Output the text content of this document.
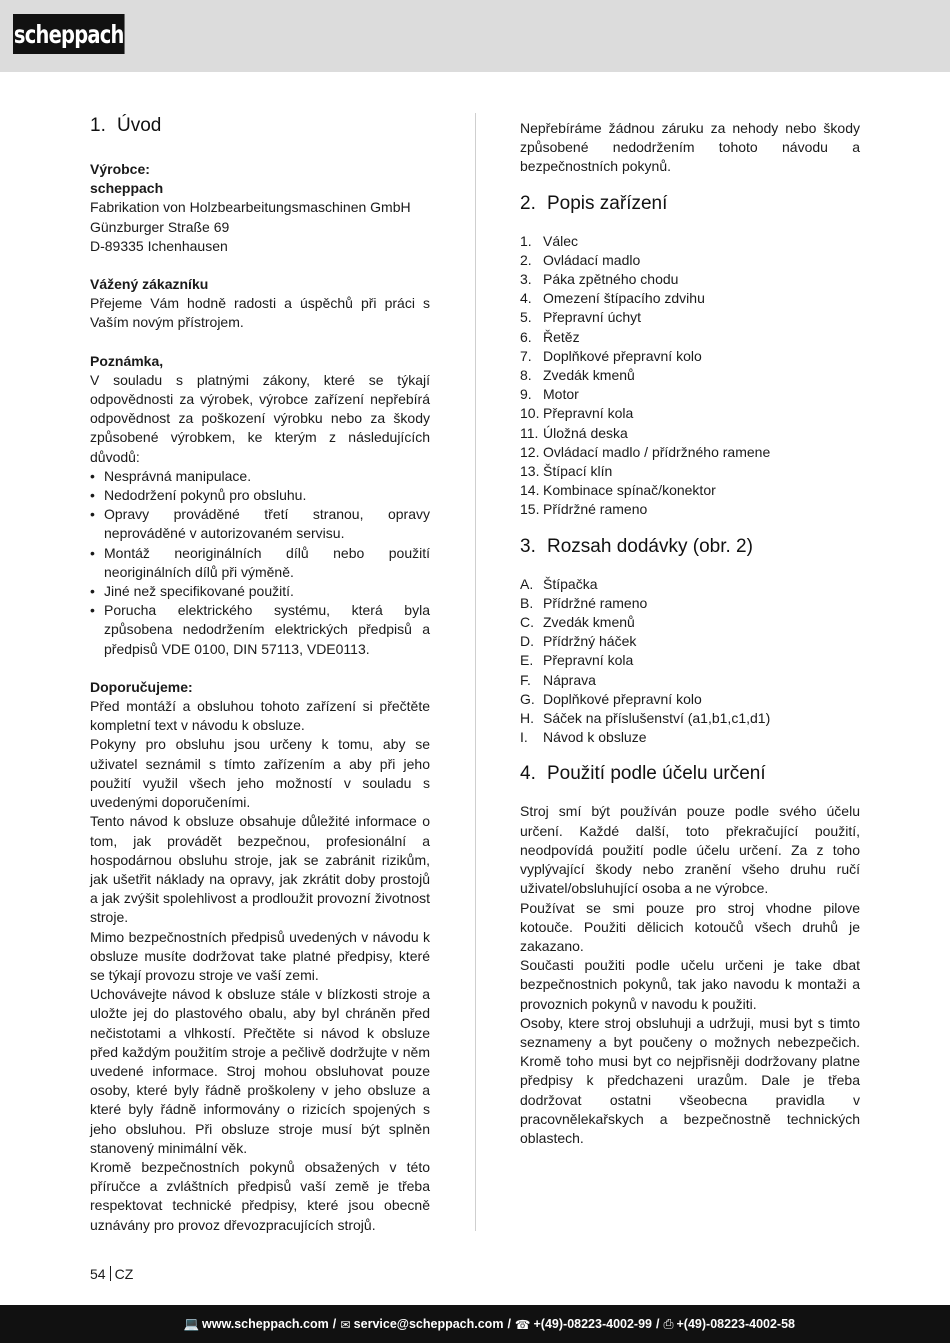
scheppach
1. Úvod

Výrobce:

scheppach

Fabrikation von Holzbearbeitungsmaschinen GmbH

Günzburger Straße 69

D-89335 Ichenhausen

Vážený zákazníku

Přejeme Vám hodně radosti a úspěchů při práci s Vaším novým přístrojem.

Poznámka,

V souladu s platnými zákony, které se týkají odpovědnosti za výrobek, výrobce zařízení nepřebírá odpovědnost za poškození výrobku nebo za škody způsobené výrobkem, ke kterým z následujících důvodů:

• Nesprávná manipulace.
• Nedodržení pokynů pro obsluhu.
• Opravy prováděné třetí stranou, opravy neprováděné v autorizovaném servisu.
• Montáž neoriginálních dílů nebo použití neoriginálních dílů při výměně.
• Jiné než specifikované použití.
• Porucha elektrického systému, která byla způsobena nedodržením elektrických předpisů a předpisů VDE 0100, DIN 57113, VDE0113.

Doporučujeme:

Před montáží a obsluhou tohoto zařízení si přečtěte kompletní text v návodu k obsluze.

Pokyny pro obsluhu jsou určeny k tomu, aby se uživatel seznámil s tímto zařízením a aby při jeho použití využil všech jeho možností v souladu s uvedenými doporučeními.

Tento návod k obsluze obsahuje důležité informace o tom, jak provádět bezpečnou, profesionální a hospodárnou obsluhu stroje, jak se zabránit rizikům, jak ušetřit náklady na opravy, jak zkrátit doby prostojů a jak zvýšit spolehlivost a prodloužit provozní životnost stroje.

Mimo bezpečnostních předpisů uvedených v návodu k obsluze musíte dodržovat take platné předpisy, které se týkají provozu stroje ve vaší zemi.

Uchovávejte návod k obsluze stále v blízkosti stroje a uložte jej do plastového obalu, aby byl chráněn před nečistotami a vlhkostí. Přečtěte si návod k obsluze před každým použitím stroje a pečlivě dodržujte v něm uvedené informace. Stroj mohou obsluhovat pouze osoby, které byly řádně proškoleny v jeho obsluze a které byly řádně informovány o rizicích spojených s jeho obsluhou. Při obsluze stroje musí být splněn stanovený minimální věk.

Kromě bezpečnostních pokynů obsažených v této příručce a zvláštních předpisů vaší země je třeba respektovat technické předpisy, které jsou obecně uznávány pro provoz dřevozpracujících strojů.

Nepřebíráme žádnou záruku za nehody nebo škody způsobené nedodržením tohoto návodu a bezpečnostních pokynů.

2. Popis zařízení
1. Válec
2. Ovládací madlo
3. Páka zpětného chodu
4. Omezení štípacího zdvihu
5. Přepravní úchyt
6. Řetěz
7. Doplňkové přepravní kolo
8. Zvedák kmenů
9. Motor
10. Přepravní kola
11. Úložná deska
12. Ovládací madlo / přídržného ramene
13. Štípací klín
14. Kombinace spínač/konektor
15. Přídržné rameno
3. Rozsah dodávky (obr. 2)
A. Štípačka
B. Přídržné rameno
C. Zvedák kmenů
D. Přídržný háček
E. Přepravní kola
F. Náprava
G. Doplňkové přepravní kolo
H. Sáček na příslušenství (a1,b1,c1,d1)
I.	Návod k obsluze
4. Použití podle účelu určení

Stroj smí být používán pouze podle svého účelu určení. Každé další, toto překračující použití, neodpovídá použití podle účelu určení. Za z toho vyplývající škody nebo zranění všeho druhu ručí uživatel/obsluhující osoba a ne výrobce.

Používat se smi pouze pro stroj vhodne pilove kotouče. Použiti dělicich kotoučů všech druhů je zakazano.

Současti použiti podle učelu určeni je take dbat bezpečnostnich pokynů, tak jako navodu k montaži a provoznich pokynů v navodu k použiti.

Osoby, ktere stroj obsluhuji a udržuji, musi byt s timto seznameny a byt poučeny o možnych nebezpečich. Kromě toho musi byt co nejpřisněji dodržovany platne předpisy k předchazeni urazům. Dale je třeba dodržovat ostatni všeobecna pravidla v pracovnělekařskych a bezpečnostně technických oblastech.

54 CZ
💻 www.scheppach.com / ✉ service@scheppach.com / ☎ +(49)-08223-4002-99 / ⎙ +(49)-08223-4002-58
